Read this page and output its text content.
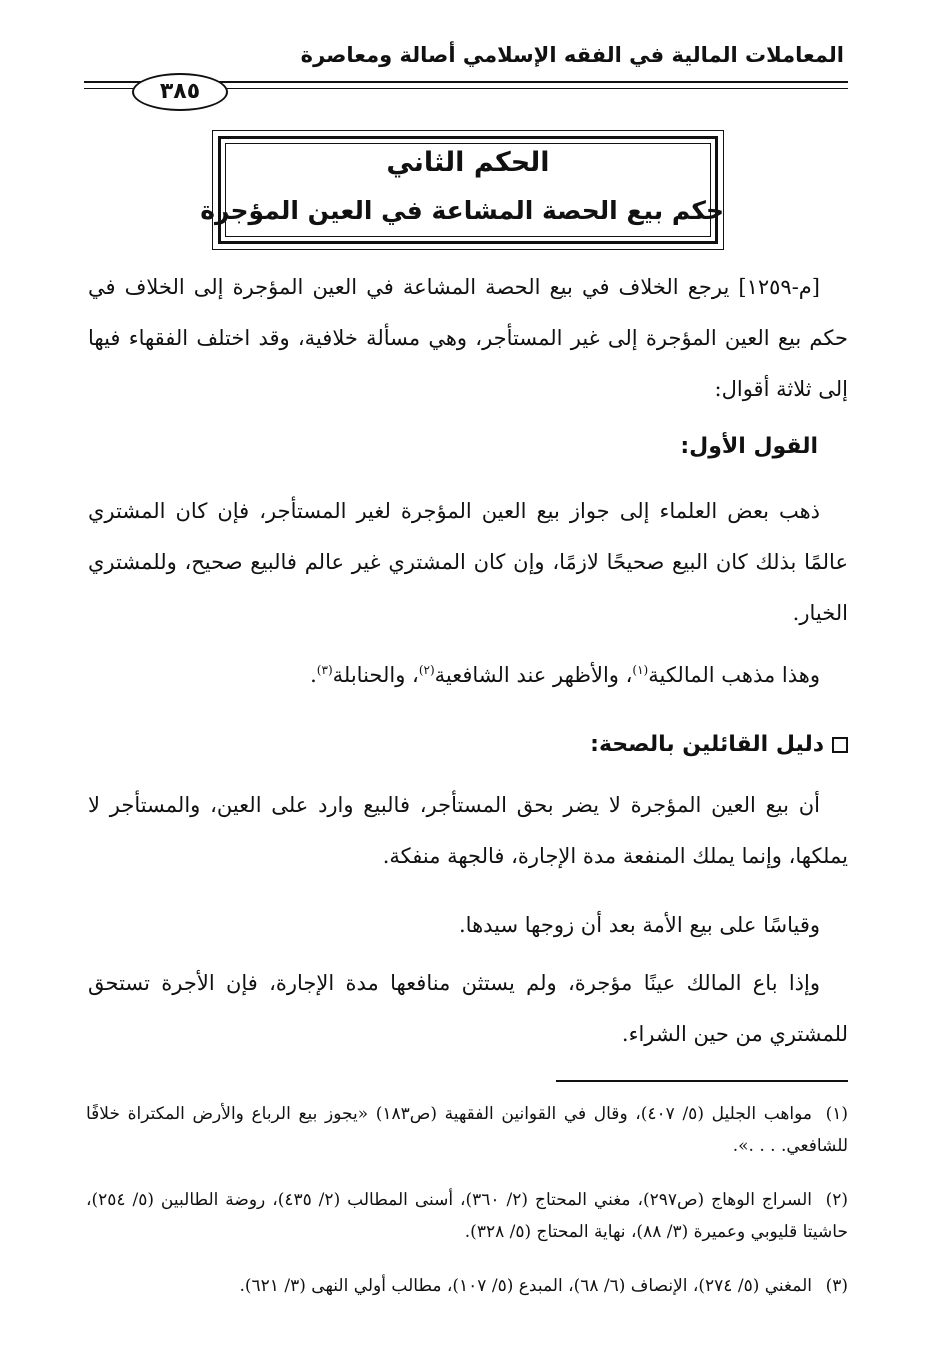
المعاملات المالية في الفقه الإسلامي أصالة ومعاصرة
٣٨٥
الحكم الثاني
حكم بيع الحصة المشاعة في العين المؤجرة

[م-١٢٥٩] يرجع الخلاف في بيع الحصة المشاعة في العين المؤجرة إلى الخلاف في حكم بيع العين المؤجرة إلى غير المستأجر، وهي مسألة خلافية، وقد اختلف الفقهاء فيها إلى ثلاثة أقوال:

القول الأول:

ذهب بعض العلماء إلى جواز بيع العين المؤجرة لغير المستأجر، فإن كان المشتري عالمًا بذلك كان البيع صحيحًا لازمًا، وإن كان المشتري غير عالم فالبيع صحيح، وللمشتري الخيار.

وهذا مذهب المالكية$^{(١)}$، والأظهر عند الشافعية$^{(٢)}$، والحنابلة$^{(٣)}$.

دليل القائلين بالصحة:

أن بيع العين المؤجرة لا يضر بحق المستأجر، فالبيع وارد على العين، والمستأجر لا يملكها، وإنما يملك المنفعة مدة الإجارة، فالجهة منفكة.

وقياسًا على بيع الأمة بعد أن زوجها سيدها.

وإذا باع المالك عينًا مؤجرة، ولم يستثن منافعها مدة الإجارة، فإن الأجرة تستحق للمشتري من حين الشراء.

(١)مواهب الجليل (٥/ ٤٠٧)، وقال في القوانين الفقهية (ص١٨٣) «يجوز بيع الرباع والأرض المكتراة خلافًا للشافعي. . . .».
(٢)السراج الوهاج (ص٢٩٧)، مغني المحتاج (٢/ ٣٦٠)، أسنى المطالب (٢/ ٤٣٥)، روضة الطالبين (٥/ ٢٥٤)، حاشيتا قليوبي وعميرة (٣/ ٨٨)، نهاية المحتاج (٥/ ٣٢٨).
(٣)المغني (٥/ ٢٧٤)، الإنصاف (٦/ ٦٨)، المبدع (٥/ ١٠٧)، مطالب أولي النهى (٣/ ٦٢١).
